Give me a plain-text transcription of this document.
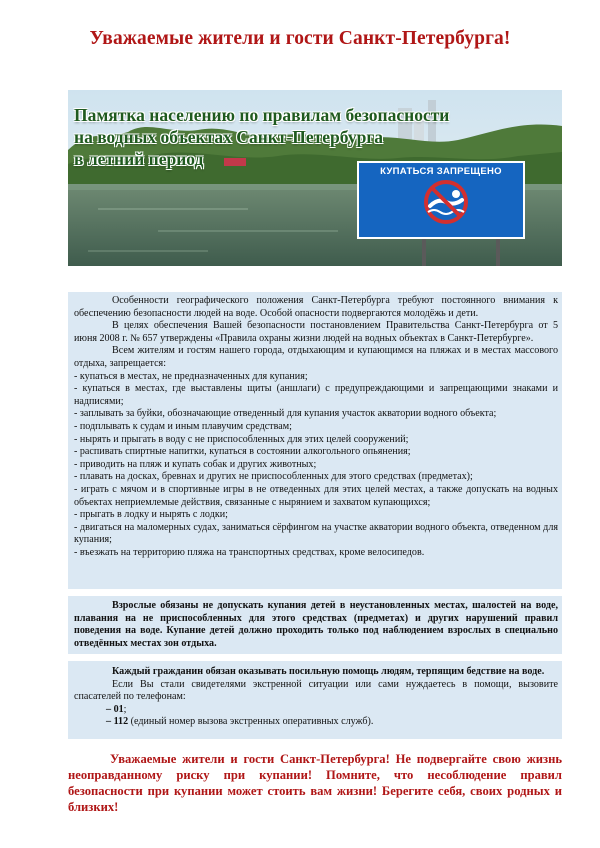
Уважаемые жители и гости Санкт-Петербурга!
Памятка населению по правилам безопасности
на водных объектах Санкт-Петербурга
в летний период
КУПАТЬСЯ ЗАПРЕЩЕНО

Особенности географического положения Санкт-Петербурга требуют постоянного внимания к обеспечению безопасности людей на воде. Особой опасности подвергаются молодёжь и дети.

В целях обеспечения Вашей безопасности постановлением Правительства Санкт-Петербурга от 5 июня 2008 г. № 657 утверждены «Правила охраны жизни людей на водных объектах в Санкт-Петербурге».

Всем жителям и гостям нашего города, отдыхающим и купающимся на пляжах и в местах массового отдыха, запрещается:

- купаться в местах, не предназначенных для купания;

- купаться в местах, где выставлены щиты (аншлаги) с предупреждающими и запрещающими знаками и надписями;

- заплывать за буйки, обозначающие отведенный для купания участок акватории водного объекта;

- подплывать к судам и иным плавучим средствам;

- нырять и прыгать в воду с не приспособленных для этих целей сооружений;

- распивать спиртные напитки, купаться в состоянии алкогольного опьянения;

- приводить на пляж и купать собак и других животных;

- плавать на досках, бревнах и других не приспособленных для этого средствах (предметах);

- играть с мячом и в спортивные игры в не отведенных для этих целей местах, а также допускать на водных объектах неприемлемые действия, связанные с нырянием и захватом купающихся;

- прыгать в лодку и нырять с лодки;

- двигаться на маломерных судах, заниматься сёрфингом на участке акватории водного объекта, отведенном для купания;

- въезжать на территорию пляжа на транспортных средствах, кроме велосипедов.

Взрослые обязаны не допускать купания детей в неустановленных местах, шалостей на воде, плавания на не приспособленных для этого средствах (предметах) и других нарушений правил поведения на воде. Купание детей должно проходить только под наблюдением взрослых в специально отведённых местах зон отдыха.

Каждый гражданин обязан оказывать посильную помощь людям, терпящим бедствие на воде.

Если Вы стали свидетелями экстренной ситуации или сами нуждаетесь в помощи, вызовите спасателей по телефонам:

– 01;

– 112 (единый номер вызова экстренных оперативных служб).

Уважаемые жители и гости Санкт-Петербурга! Не подвергайте свою жизнь неоправданному риску при купании! Помните, что несоблюдение правил безопасности при купании может стоить вам жизни! Берегите себя, своих родных и близких!
